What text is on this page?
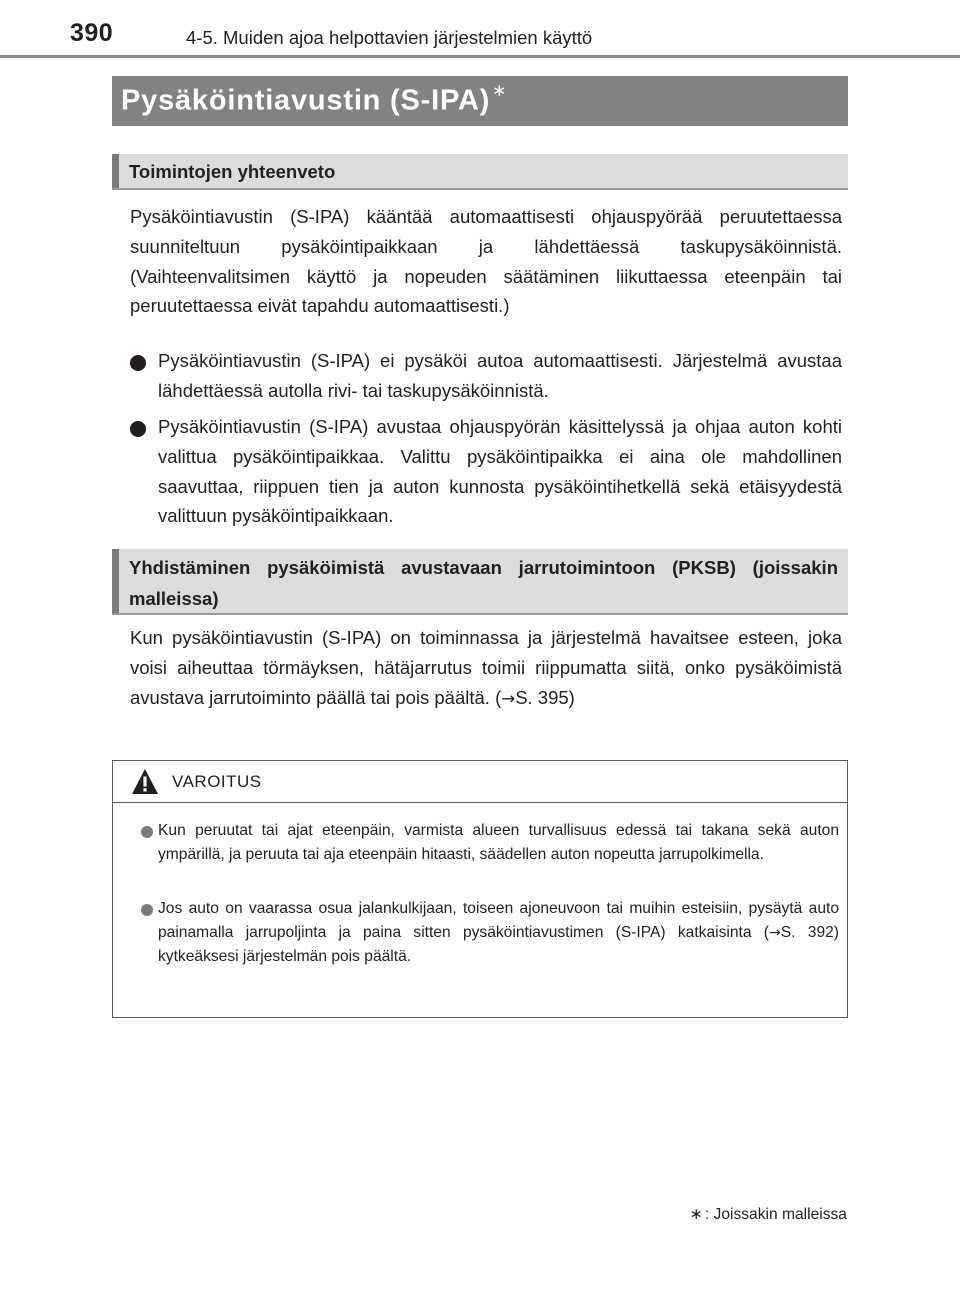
390	4-5. Muiden ajoa helpottavien järjestelmien käyttö
Pysäköintiavustin (S-IPA) ∗
Toimintojen yhteenveto
Pysäköintiavustin (S-IPA) kääntää automaattisesti ohjauspyörää peruutettaessa suunniteltuun pysäköintipaikkaan ja lähdettäessä taskupysäköinnistä. (Vaihteenvalitsimen käyttö ja nopeuden säätäminen liikuttaessa eteenpäin tai peruutettaessa eivät tapahdu automaattisesti.)
Pysäköintiavustin (S-IPA) ei pysäköi autoa automaattisesti. Järjestelmä avustaa lähdettäessä autolla rivi- tai taskupysäköinnistä.
Pysäköintiavustin (S-IPA) avustaa ohjauspyörän käsittelyssä ja ohjaa auton kohti valittua pysäköintipaikkaa. Valittu pysäköintipaikka ei aina ole mahdollinen saavuttaa, riippuen tien ja auton kunnosta pysäköintihetkellä sekä etäisyydestä valittuun pysäköintipaikkaan.
Yhdistäminen pysäköimistä avustavaan jarrutoimintoon (PKSB) (joissakin malleissa)
Kun pysäköintiavustin (S-IPA) on toiminnassa ja järjestelmä havaitsee esteen, joka voisi aiheuttaa törmäyksen, hätäjarrutus toimii riippumatta siitä, onko pysäköimistä avustava jarrutoiminto päällä tai pois päältä. (→S. 395)
VAROITUS
Kun peruutat tai ajat eteenpäin, varmista alueen turvallisuus edessä tai takana sekä auton ympärillä, ja peruuta tai aja eteenpäin hitaasti, säädellen auton nopeutta jarrupolkimella.
Jos auto on vaarassa osua jalankulkijaan, toiseen ajoneuvoon tai muihin esteisiin, pysäytä auto painamalla jarrupoljinta ja paina sitten pysäköintiavustimen (S-IPA) katkaisinta (→S. 392) kytkeäksesi järjestelmän pois päältä.
∗ : Joissakin malleissa
